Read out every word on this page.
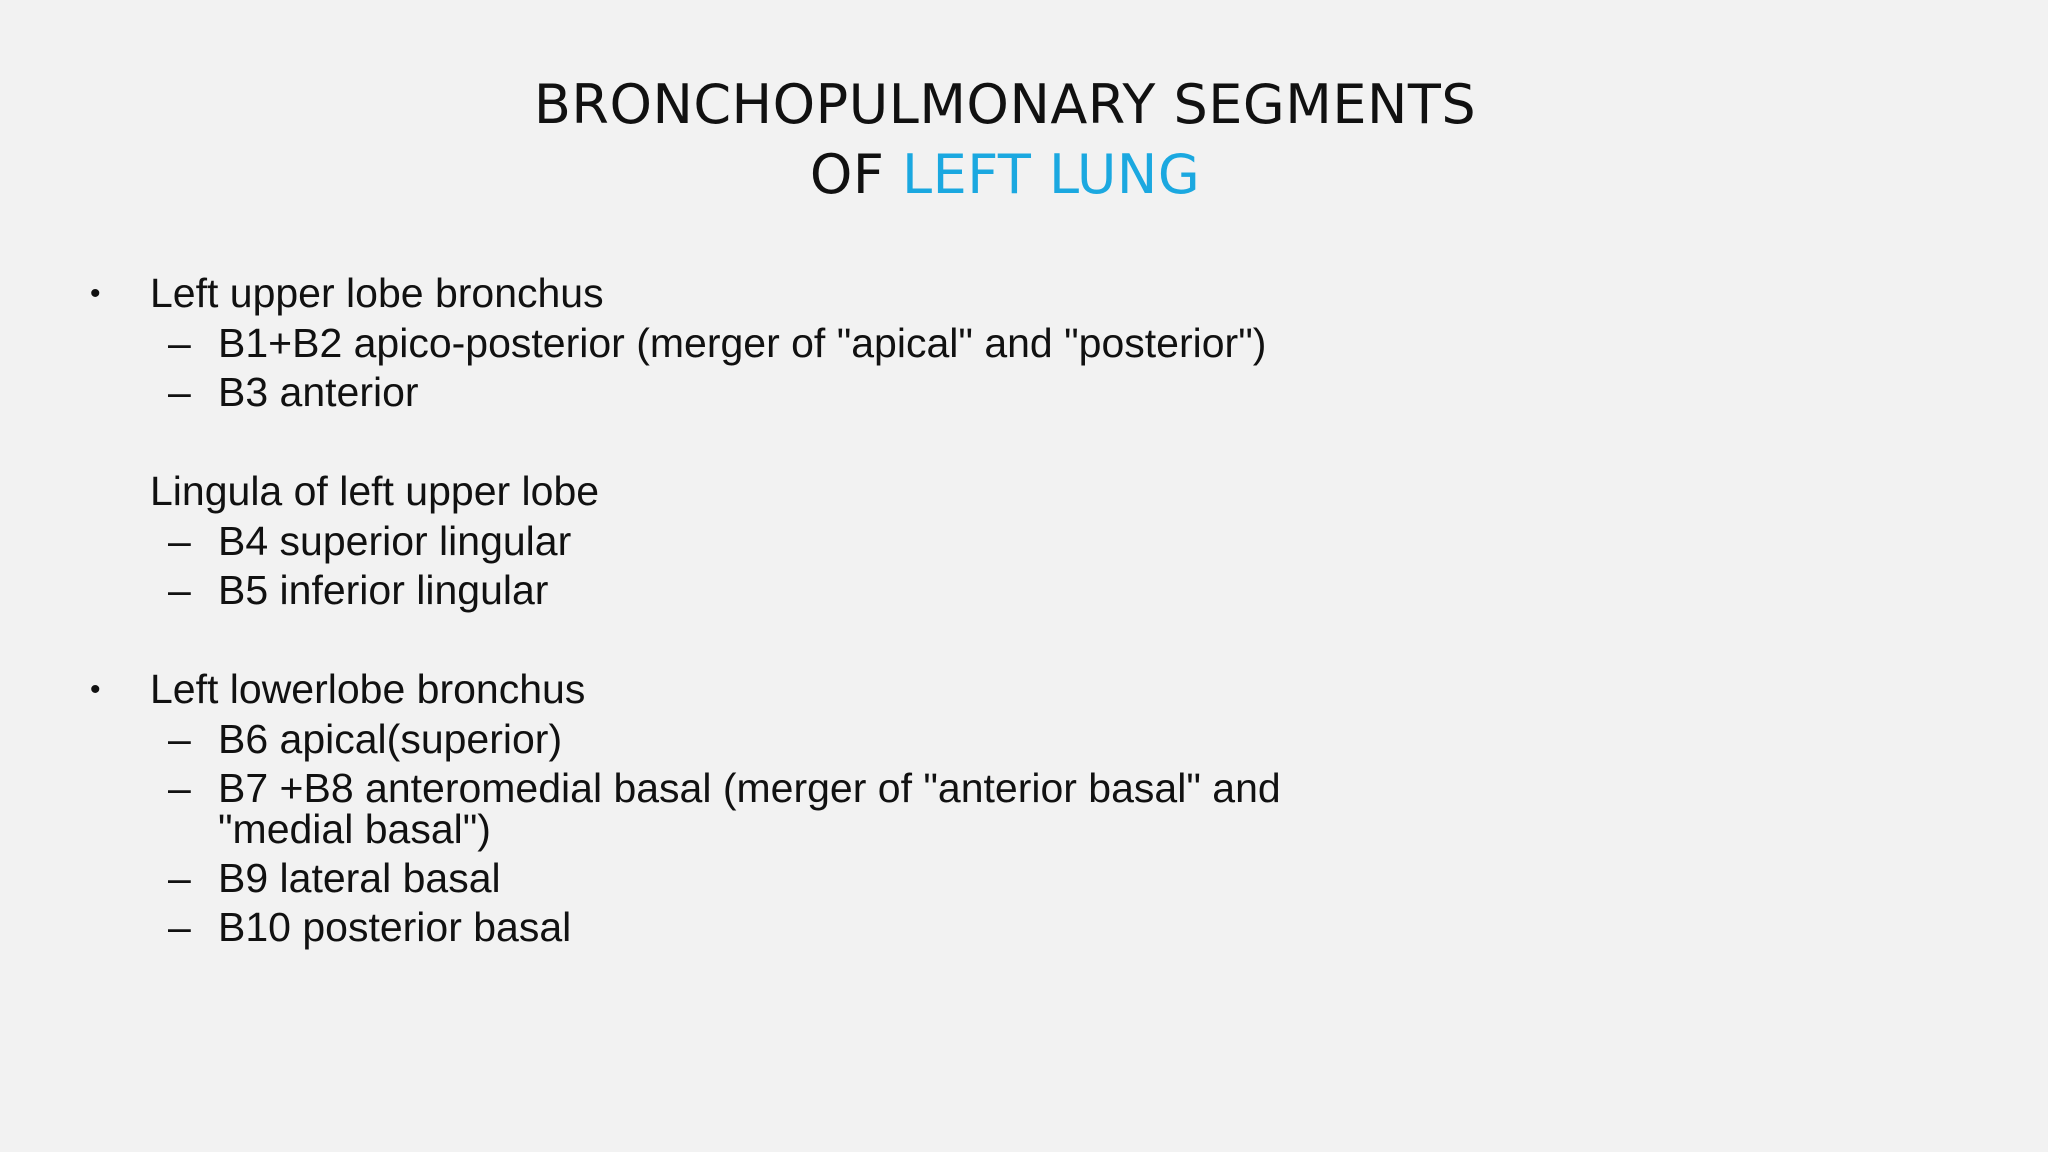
BRONCHOPULMONARY SEGMENTS
OF LEFT LUNG
• Left upper lobe bronchus
– B1+B2 apico-posterior (merger of "apical" and "posterior")
– B3 anterior
Lingula of left upper lobe
– B4 superior lingular
– B5 inferior lingular
• Left lowerlobe bronchus
– B6 apical(superior)
– B7 +B8 anteromedial basal (merger of "anterior basal" and
"medial basal")
– B9 lateral basal
– B10 posterior basal
